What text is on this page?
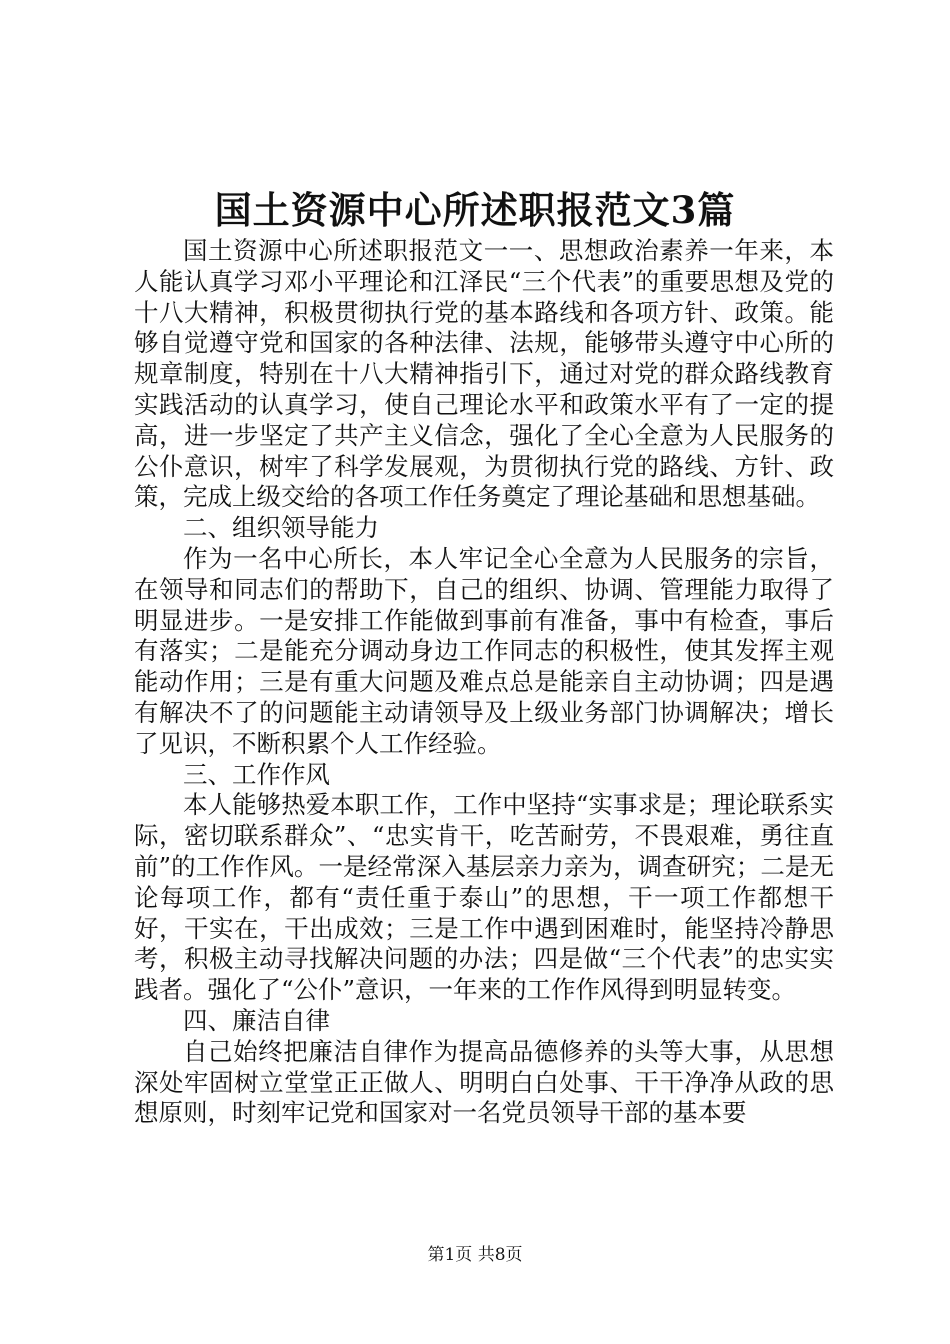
国土资源中心所述职报范文3篇

国土资源中心所述职报范文一一、思想政治素养一年来，本人能认真学习邓小平理论和江泽民“三个代表”的重要思想及党的十八大精神，积极贯彻执行党的基本路线和各项方针、政策。能够自觉遵守党和国家的各种法律、法规，能够带头遵守中心所的规章制度，特别在十八大精神指引下，通过对党的群众路线教育实践活动的认真学习，使自己理论水平和政策水平有了一定的提高，进一步坚定了共产主义信念，强化了全心全意为人民服务的公仆意识，树牢了科学发展观，为贯彻执行党的路线、方针、政策，完成上级交给的各项工作任务奠定了理论基础和思想基础。

二、组织领导能力

作为一名中心所长，本人牢记全心全意为人民服务的宗旨，在领导和同志们的帮助下，自己的组织、协调、管理能力取得了明显进步。一是安排工作能做到事前有准备，事中有检查，事后有落实；二是能充分调动身边工作同志的积极性，使其发挥主观能动作用；三是有重大问题及难点总是能亲自主动协调；四是遇有解决不了的问题能主动请领导及上级业务部门协调解决；增长了见识，不断积累个人工作经验。

三、工作作风

本人能够热爱本职工作，工作中坚持“实事求是；理论联系实际，密切联系群众”、“忠实肯干，吃苦耐劳，不畏艰难，勇往直前”的工作作风。一是经常深入基层亲力亲为，调查研究；二是无论每项工作，都有“责任重于泰山”的思想，干一项工作都想干好，干实在，干出成效；三是工作中遇到困难时，能坚持冷静思考，积极主动寻找解决问题的办法；四是做“三个代表”的忠实实践者。强化了“公仆”意识，一年来的工作作风得到明显转变。

四、廉洁自律

自己始终把廉洁自律作为提高品德修养的头等大事，从思想深处牢固树立堂堂正正做人、明明白白处事、干干净净从政的思想原则，时刻牢记党和国家对一名党员领导干部的基本要

第1页 共8页
